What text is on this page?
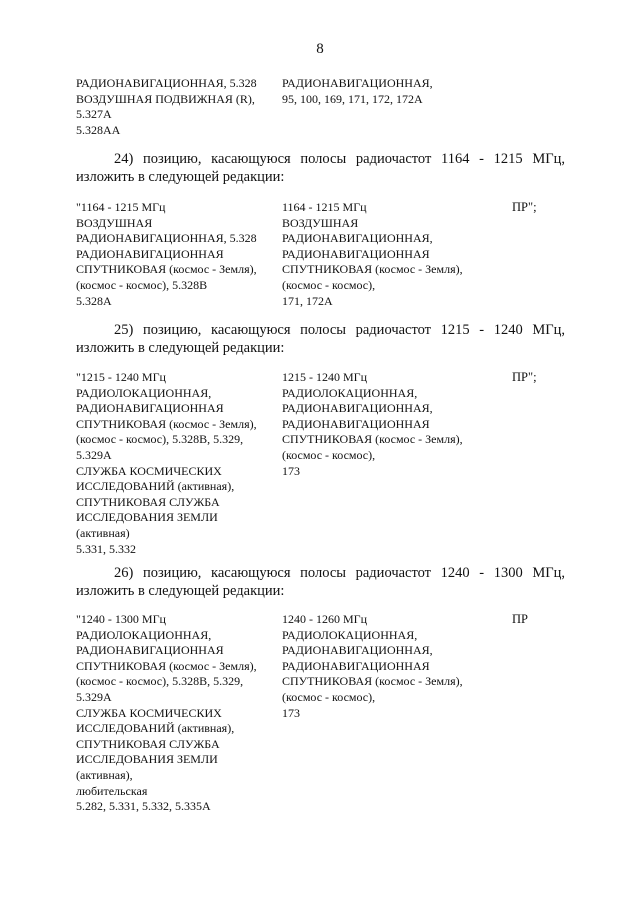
8
РАДИОНАВИГАЦИОННАЯ, 5.328
ВОЗДУШНАЯ ПОДВИЖНАЯ (R),
5.327A
5.328AA
РАДИОНАВИГАЦИОННАЯ,
95, 100, 169, 171, 172, 172A
24) позицию, касающуюся полосы радиочастот 1164 - 1215 МГц,
изложить в следующей редакции:
"1164 - 1215 МГц
ВОЗДУШНАЯ
РАДИОНАВИГАЦИОННАЯ, 5.328
РАДИОНАВИГАЦИОННАЯ
СПУТНИКОВАЯ (космос - Земля),
(космос - космос), 5.328B
5.328A
1164 - 1215 МГц
ВОЗДУШНАЯ
РАДИОНАВИГАЦИОННАЯ,
РАДИОНАВИГАЦИОННАЯ
СПУТНИКОВАЯ (космос - Земля),
(космос - космос),
171, 172A
ПР";
25) позицию, касающуюся полосы радиочастот 1215 - 1240 МГц,
изложить в следующей редакции:
"1215 - 1240 МГц
РАДИОЛОКАЦИОННАЯ,
РАДИОНАВИГАЦИОННАЯ
СПУТНИКОВАЯ (космос - Земля),
(космос - космос), 5.328B, 5.329,
5.329A
СЛУЖБА КОСМИЧЕСКИХ
ИССЛЕДОВАНИЙ (активная),
СПУТНИКОВАЯ СЛУЖБА
ИССЛЕДОВАНИЯ ЗЕМЛИ
(активная)
5.331, 5.332
1215 - 1240 МГц
РАДИОЛОКАЦИОННАЯ,
РАДИОНАВИГАЦИОННАЯ,
РАДИОНАВИГАЦИОННАЯ
СПУТНИКОВАЯ (космос - Земля),
(космос - космос),
173
ПР";
26) позицию, касающуюся полосы радиочастот 1240 - 1300 МГц,
изложить в следующей редакции:
"1240 - 1300 МГц
РАДИОЛОКАЦИОННАЯ,
РАДИОНАВИГАЦИОННАЯ
СПУТНИКОВАЯ (космос - Земля),
(космос - космос), 5.328B, 5.329,
5.329A
СЛУЖБА КОСМИЧЕСКИХ
ИССЛЕДОВАНИЙ (активная),
СПУТНИКОВАЯ СЛУЖБА
ИССЛЕДОВАНИЯ ЗЕМЛИ
(активная),
любительская
5.282, 5.331, 5.332, 5.335A
1240 - 1260 МГц
РАДИОЛОКАЦИОННАЯ,
РАДИОНАВИГАЦИОННАЯ,
РАДИОНАВИГАЦИОННАЯ
СПУТНИКОВАЯ (космос - Земля),
(космос - космос),
173
ПР
